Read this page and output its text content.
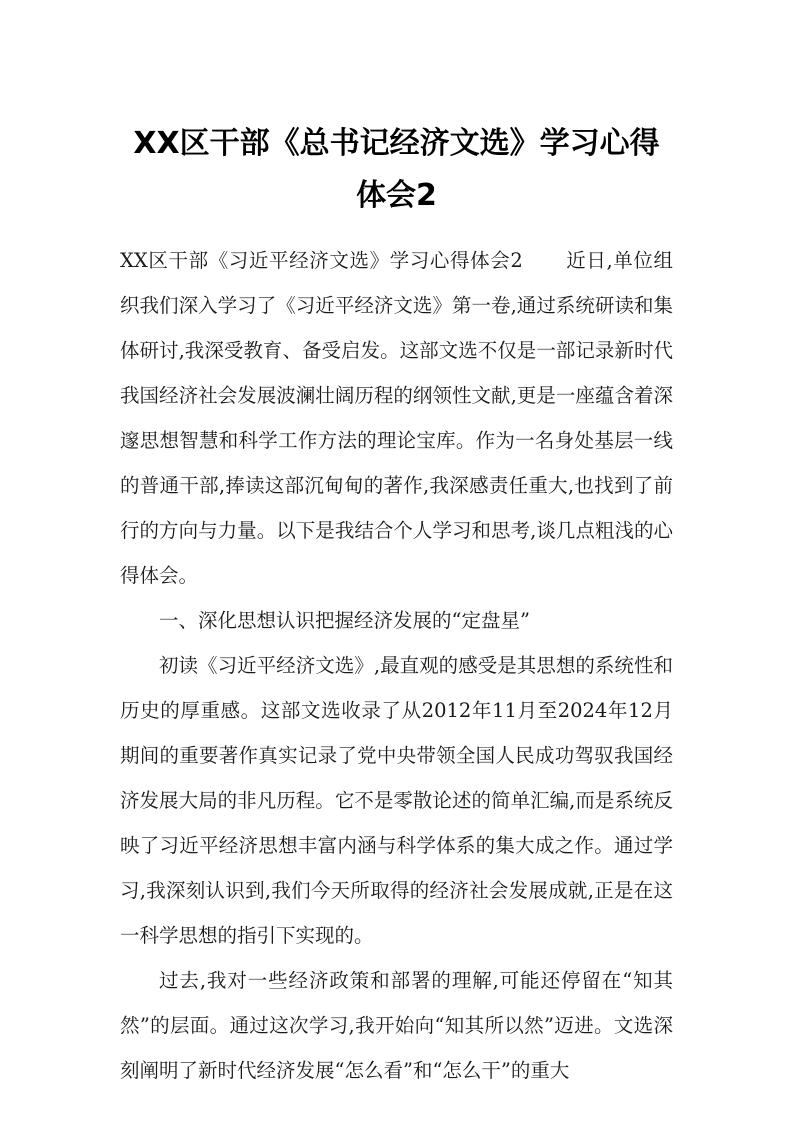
XX区干部《总书记经济文选》学习心得体会2

XX区干部《习近平经济文选》学习心得体会2 近日,单位组织我们深入学习了《习近平经济文选》第一卷,通过系统研读和集体研讨,我深受教育、备受启发。这部文选不仅是一部记录新时代我国经济社会发展波澜壮阔历程的纲领性文献,更是一座蕴含着深邃思想智慧和科学工作方法的理论宝库。作为一名身处基层一线的普通干部,捧读这部沉甸甸的著作,我深感责任重大,也找到了前行的方向与力量。以下是我结合个人学习和思考,谈几点粗浅的心得体会。

一、深化思想认识把握经济发展的“定盘星”

初读《习近平经济文选》,最直观的感受是其思想的系统性和历史的厚重感。这部文选收录了从2012年11月至2024年12月期间的重要著作真实记录了党中央带领全国人民成功驾驭我国经济发展大局的非凡历程。它不是零散论述的简单汇编,而是系统反映了习近平经济思想丰富内涵与科学体系的集大成之作。通过学习,我深刻认识到,我们今天所取得的经济社会发展成就,正是在这一科学思想的指引下实现的。

过去,我对一些经济政策和部署的理解,可能还停留在“知其然”的层面。通过这次学习,我开始向“知其所以然”迈进。文选深刻阐明了新时代经济发展“怎么看”和“怎么干”的重大
